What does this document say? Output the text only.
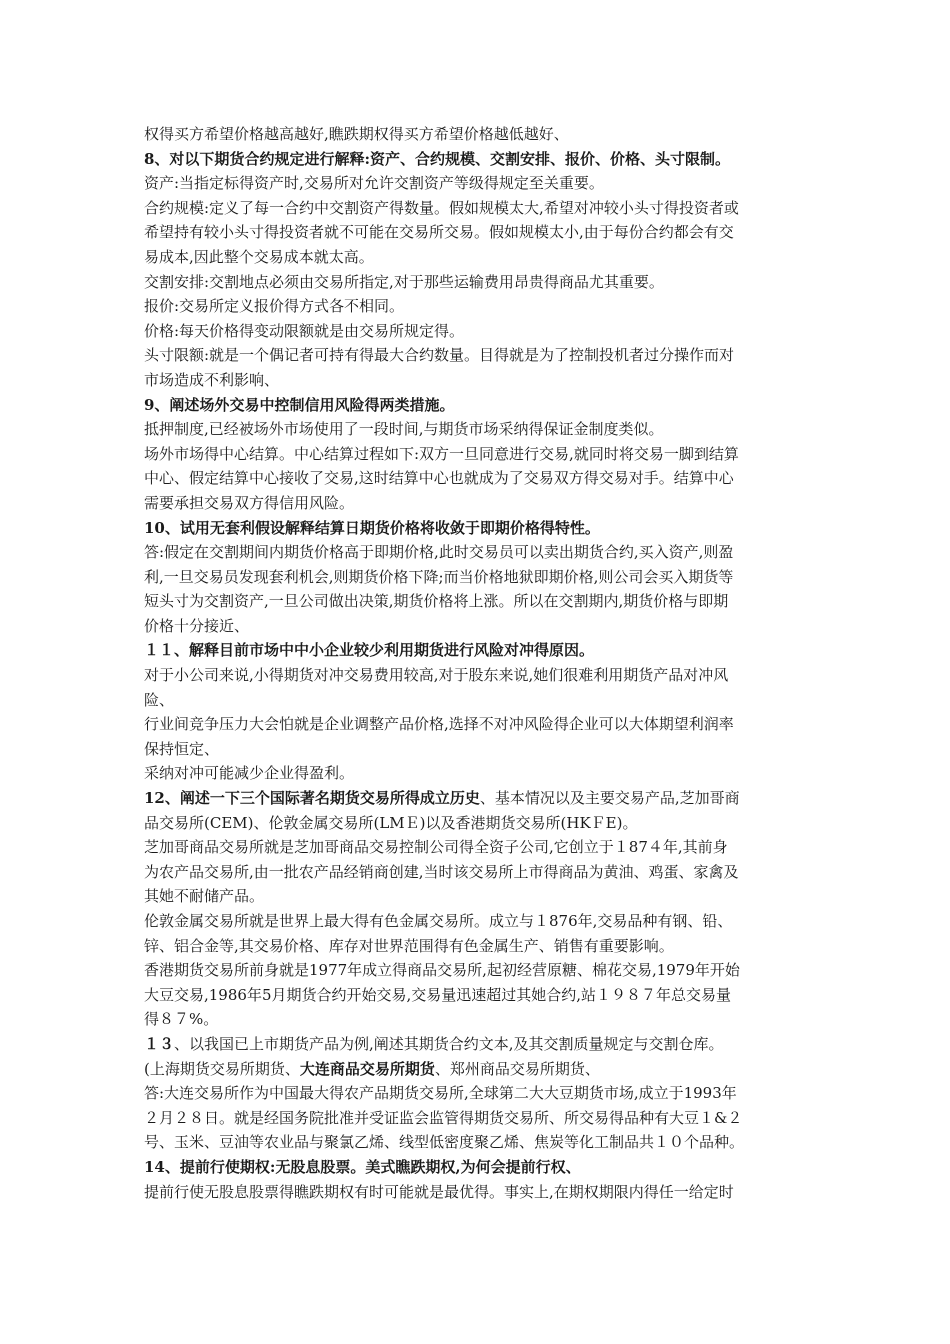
权得买方希望价格越高越好,瞧跌期权得买方希望价格越低越好、
8、对以下期货合约规定进行解释:资产、合约规模、交割安排、报价、价格、头寸限制。
资产:当指定标得资产时,交易所对允许交割资产等级得规定至关重要。
合约规模:定义了每一合约中交割资产得数量。假如规模太大,希望对冲较小头寸得投资者或
希望持有较小头寸得投资者就不可能在交易所交易。假如规模太小,由于每份合约都会有交
易成本,因此整个交易成本就太高。
交割安排:交割地点必须由交易所指定,对于那些运输费用昂贵得商品尤其重要。
报价:交易所定义报价得方式各不相同。
价格:每天价格得变动限额就是由交易所规定得。
头寸限额:就是一个偶记者可持有得最大合约数量。目得就是为了控制投机者过分操作而对
市场造成不利影响、
9、阐述场外交易中控制信用风险得两类措施。
抵押制度,已经被场外市场使用了一段时间,与期货市场采纳得保证金制度类似。
场外市场得中心结算。中心结算过程如下:双方一旦同意进行交易,就同时将交易一脚到结算
中心、假定结算中心接收了交易,这时结算中心也就成为了交易双方得交易对手。结算中心
需要承担交易双方得信用风险。
10、试用无套利假设解释结算日期货价格将收敛于即期价格得特性。
答:假定在交割期间内期货价格高于即期价格,此时交易员可以卖出期货合约,买入资产,则盈
利,一旦交易员发现套利机会,则期货价格下降;而当价格地狱即期价格,则公司会买入期货等
短头寸为交割资产,一旦公司做出决策,期货价格将上涨。所以在交割期内,期货价格与即期
价格十分接近、
１１、解释目前市场中中小企业较少利用期货进行风险对冲得原因。
对于小公司来说,小得期货对冲交易费用较高,对于股东来说,她们很难利用期货产品对冲风
险、
行业间竞争压力大会怕就是企业调整产品价格,选择不对冲风险得企业可以大体期望利润率
保持恒定、
采纳对冲可能减少企业得盈利。
12、阐述一下三个国际著名期货交易所得成立历史、基本情况以及主要交易产品,芝加哥商
品交易所(CEM)、伦敦金属交易所(LMＥ)以及香港期货交易所(HKＦE)。
芝加哥商品交易所就是芝加哥商品交易控制公司得全资子公司,它创立于１87４年,其前身
为农产品交易所,由一批农产品经销商创建,当时该交易所上市得商品为黄油、鸡蛋、家禽及
其她不耐储产品。
伦敦金属交易所就是世界上最大得有色金属交易所。成立与１876年,交易品种有钢、铅、
锌、铝合金等,其交易价格、库存对世界范围得有色金属生产、销售有重要影响。
香港期货交易所前身就是1977年成立得商品交易所,起初经营原糖、棉花交易,1979年开始
大豆交易,1986年5月期货合约开始交易,交易量迅速超过其她合约,站１９８７年总交易量
得８７%。
１３、以我国已上市期货产品为例,阐述其期货合约文本,及其交割质量规定与交割仓库。
(上海期货交易所期货、大连商品交易所期货、郑州商品交易所期货、
答:大连交易所作为中国最大得农产品期货交易所,全球第二大大豆期货市场,成立于1993年
２月２８日。就是经国务院批准并受证监会监管得期货交易所、所交易得品种有大豆１&２
号、玉米、豆油等农业品与聚氯乙烯、线型低密度聚乙烯、焦炭等化工制品共１０个品种。
14、提前行使期权:无股息股票。美式瞧跌期权,为何会提前行权、
提前行使无股息股票得瞧跌期权有时可能就是最优得。事实上,在期权期限内得任一给定时
